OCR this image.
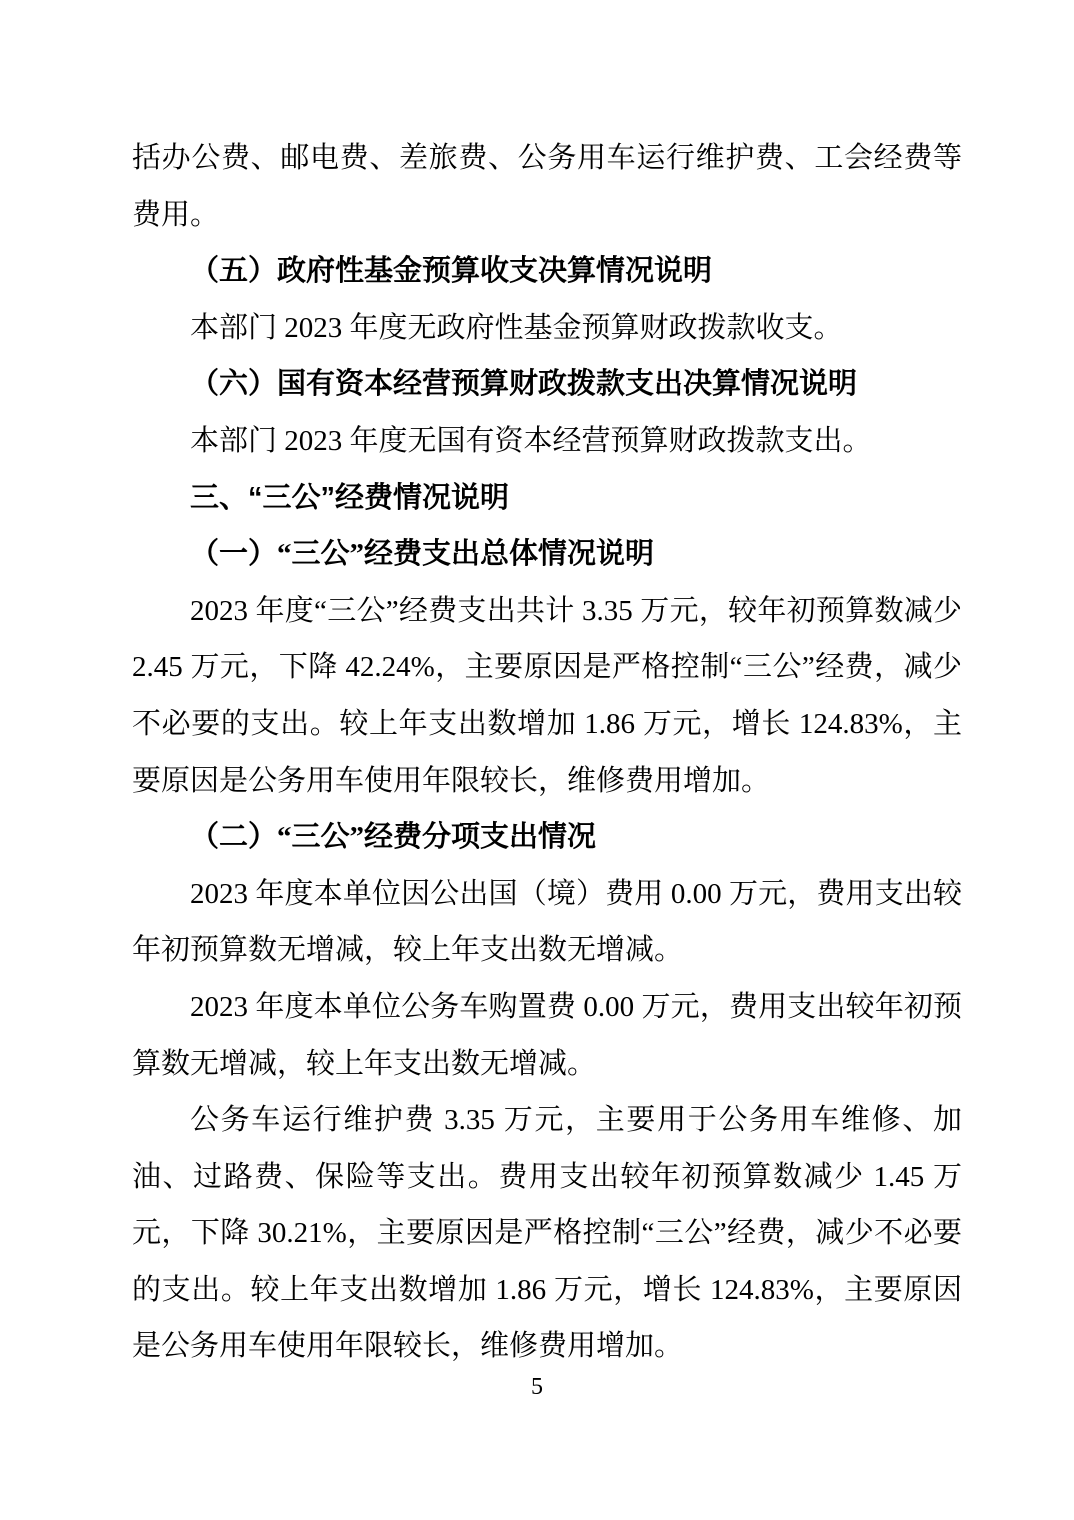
括办公费、邮电费、差旅费、公务用车运行维护费、工会经费等费用。

（五）政府性基金预算收支决算情况说明

本部门 2023 年度无政府性基金预算财政拨款收支。

（六）国有资本经营预算财政拨款支出决算情况说明

本部门 2023 年度无国有资本经营预算财政拨款支出。

三、“三公”经费情况说明

（一）“三公”经费支出总体情况说明

2023 年度“三公”经费支出共计 3.35 万元，较年初预算数减少 2.45 万元，下降 42.24%，主要原因是严格控制“三公”经费，减少不必要的支出。较上年支出数增加 1.86 万元，增长 124.83%，主要原因是公务用车使用年限较长，维修费用增加。

（二）“三公”经费分项支出情况

2023 年度本单位因公出国（境）费用 0.00 万元，费用支出较年初预算数无增减，较上年支出数无增减。

2023 年度本单位公务车购置费 0.00 万元，费用支出较年初预算数无增减，较上年支出数无增减。

公务车运行维护费 3.35 万元，主要用于公务用车维修、加油、过路费、保险等支出。费用支出较年初预算数减少 1.45 万元，下降 30.21%，主要原因是严格控制“三公”经费，减少不必要的支出。较上年支出数增加 1.86 万元，增长 124.83%，主要原因是公务用车使用年限较长，维修费用增加。

5
